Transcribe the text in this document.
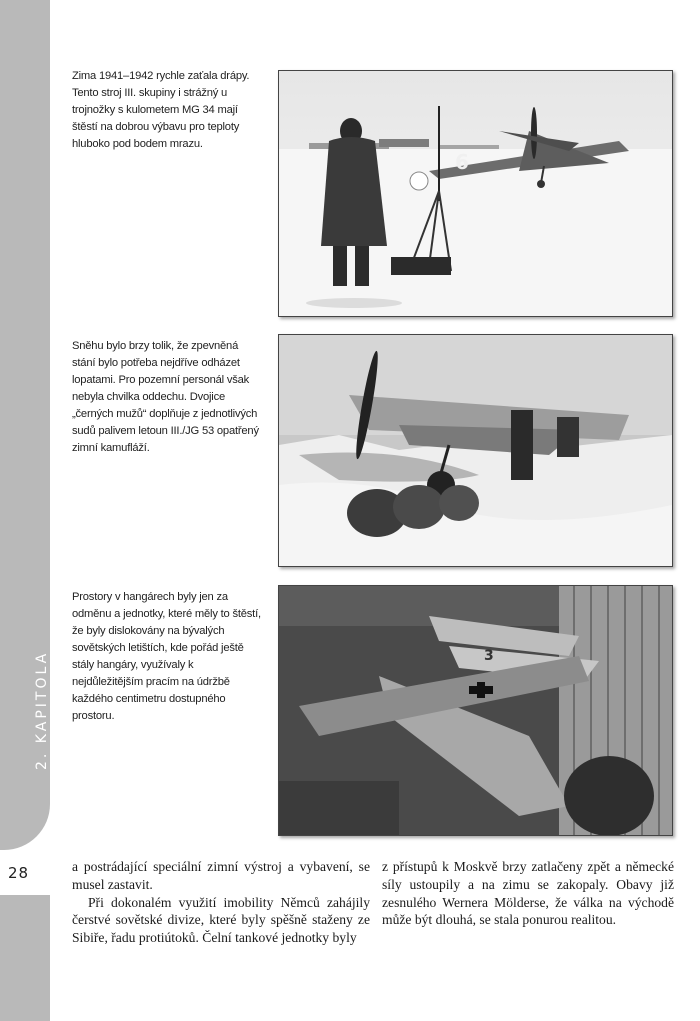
2. KAPITOLA
28
Zima 1941–1942 rychle zaťala drápy. Tento stroj III. skupiny i strážný u trojnožky s kulometem MG 34 mají štěstí na dobrou výbavu pro teploty hluboko pod bodem mrazu.
6
Sněhu bylo brzy tolik, že zpevněná stání bylo potřeba nejdříve odházet lopatami. Pro pozemní personál však nebyla chvilka oddechu. Dvojice „černých mužů“ doplňuje z jednotlivých sudů palivem letoun III./JG 53 opatřený zimní kamufláží.
Prostory v hangárech byly jen za odměnu a jednotky, které měly to štěstí, že byly dislokovány na bývalých sovětských letištích, kde pořád ještě stály hangáry, využívaly k nejdůležitějším pracím na údržbě každého centimetru dostupného prostoru.
3

a postrádající speciální zimní výstroj a vybavení, se musel zastavit.

Při dokonalém využití imobility Němců zahájily čerstvé sovětské divize, které byly spěšně staženy ze Sibiře, řadu protiútoků. Čelní tankové jednotky byly

z přístupů k Moskvě brzy zatlačeny zpět a německé síly ustoupily a na zimu se zakopaly. Obavy již zesnulého Wernera Mölderse, že válka na východě může být dlouhá, se stala ponurou realitou.
